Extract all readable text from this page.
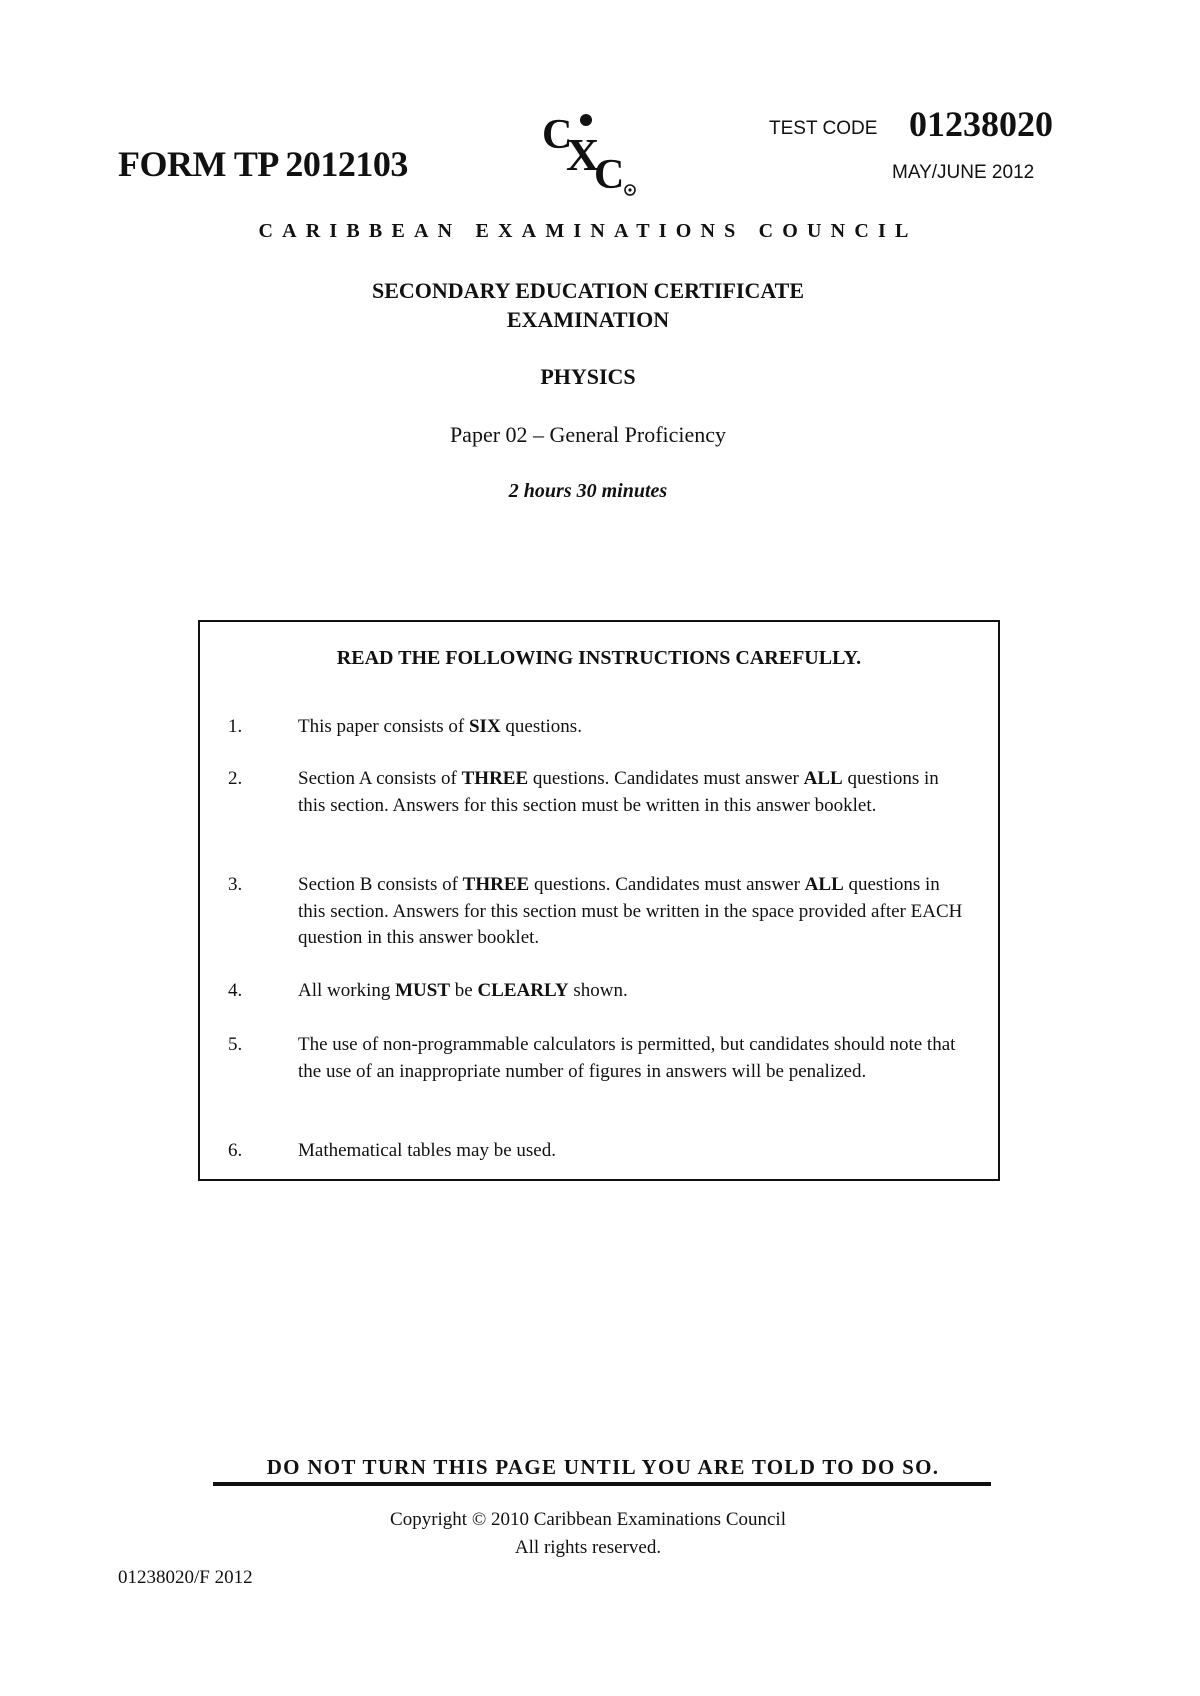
FORM TP 2012103
C
X
C
TEST CODE 01238020
MAY/JUNE 2012
CARIBBEAN EXAMINATIONS COUNCIL
SECONDARY EDUCATION CERTIFICATE
EXAMINATION
PHYSICS
Paper 02 – General Proficiency
2 hours 30 minutes
READ THE FOLLOWING INSTRUCTIONS CAREFULLY.
1.	This paper consists of SIX questions.
2.	Section A consists of THREE questions. Candidates must answer ALL questions in this section. Answers for this section must be written in this answer booklet.
3.	Section B consists of THREE questions. Candidates must answer ALL questions in this section. Answers for this section must be written in the space provided after EACH question in this answer booklet.
4.	All working MUST be CLEARLY shown.
5.	The use of non-programmable calculators is permitted, but candidates should note that the use of an inappropriate number of figures in answers will be penalized.
6.	Mathematical tables may be used.
DO NOT TURN THIS PAGE UNTIL YOU ARE TOLD TO DO SO.
Copyright © 2010 Caribbean Examinations Council
All rights reserved.
01238020/F 2012
